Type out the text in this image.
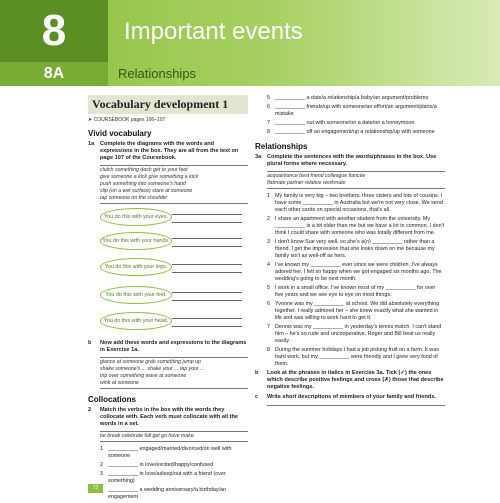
8	Important events
8A	Relationships
Vocabulary development 1
➤ COURSEBOOK pages 106–107
Vivid vocabulary
1a Complete the diagrams with the words and expressions in the box. They are all from the text on page 107 of the Coursebook.
clutch something dash get to your feet
give someone a kick give something a kick
push something into someone's hand
slip (on a wet surface) stare at someone
tap someone on the shoulder
You do this with your eyes.
You do this with your hands.
You do this with your legs.
You do this with your feet.
You do this with your head.
b Now add these words and expressions to the diagrams in Exercise 1a.
glance at someone grab something jump up
shake someone's ... shake your ... tap your ...
trip over something wave at someone
wink at someone
Collocations
2 Match the verbs in the box with the words they collocate with. Each verb must collocate with all the words in a set.
be break celebrate fall get go have make
1 __________ engaged/married/divorced/on well with someone
2 __________ in love/excited/happy/confused
3 __________ in love/asleep/out with a friend (over something)
__________ a wedding anniversary/a birthday/an engagement
5 __________ a date/a relationship/a baby/an argument/problems
6 __________ friends/up with someone/an effort/an argument/plans/a mistake
7 __________ out with someone/on a date/on a honeymoon
8 __________ off an engagement/up a relationship/up with someone
Relationships
3a Complete the sentences with the words/phrases in the box. Use plural forms where necessary.
acquaintance best friend colleague fiancée
flatmate partner relative workmate
1 My family is very big – two brothers, three sisters and lots of cousins. I have some __________ in Australia but we're not very close. We send each other cards on special occasions, that's all.
2 I share an apartment with another student from the university. My __________ is a bit older than me but we have a lot in common. I don't think I could share with someone who was totally different from me.
3 I don't know Sue very well, so she's a(n) __________ rather than a friend. I get the impression that she looks down on me because my family isn't as well-off as hers.
4 I've known my __________ ever since we were children. I've always adored her. I felt so happy when we got engaged six months ago. The wedding's going to be next month.
5 I work in a small office. I've known most of my __________ for over five years and we see eye to eye on most things.
6 Yvonne was my __________ at school. We did absolutely everything together. I really admired her – she knew exactly what she wanted in life and was willing to work hard to get it.
7 Dennis was my __________ in yesterday's tennis match. I can't stand him – he's so rude and uncooperative. Roger and Bill beat us really easily.
8 During the summer holidays I had a job picking fruit on a farm. It was hard work, but my __________ were friendly and I grew very fond of them.
b Look at the phrases in italics in Exercise 3a. Tick (✓) the ones which describe positive feelings and cross (✗) those that describe negative feelings.
c Write short descriptions of members of your family and friends.
72
